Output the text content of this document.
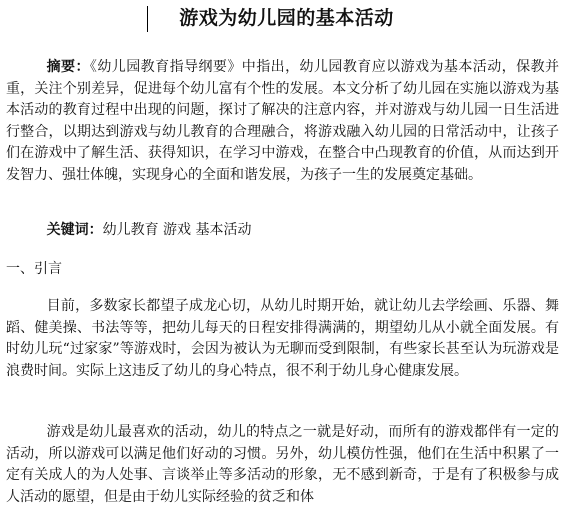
游戏为幼儿园的基本活动

摘要：《幼儿园教育指导纲要》中指出，幼儿园教育应以游戏为基本活动，保教并重，关注个别差异，促进每个幼儿富有个性的发展。本文分析了幼儿园在实施以游戏为基本活动的教育过程中出现的问题，探讨了解决的注意内容，并对游戏与幼儿园一日生活进行整合，以期达到游戏与幼儿教育的合理融合，将游戏融入幼儿园的日常活动中，让孩子们在游戏中了解生活、获得知识，在学习中游戏，在整合中凸现教育的价值，从而达到开发智力、强壮体魄，实现身心的全面和谐发展，为孩子一生的发展奠定基础。

关键词：幼儿教育 游戏 基本活动

一、引言

目前，多数家长都望子成龙心切，从幼儿时期开始，就让幼儿去学绘画、乐器、舞蹈、健美操、书法等等，把幼儿每天的日程安排得满满的，期望幼儿从小就全面发展。有时幼儿玩“过家家”等游戏时，会因为被认为无聊而受到限制，有些家长甚至认为玩游戏是浪费时间。实际上这违反了幼儿的身心特点，很不利于幼儿身心健康发展。

游戏是幼儿最喜欢的活动，幼儿的特点之一就是好动，而所有的游戏都伴有一定的活动，所以游戏可以满足他们好动的习惯。另外，幼儿模仿性强，他们在生活中积累了一定有关成人的为人处事、言谈举止等多活动的形象，无不感到新奇，于是有了积极参与成人活动的愿望，但是由于幼儿实际经验的贫乏和体
